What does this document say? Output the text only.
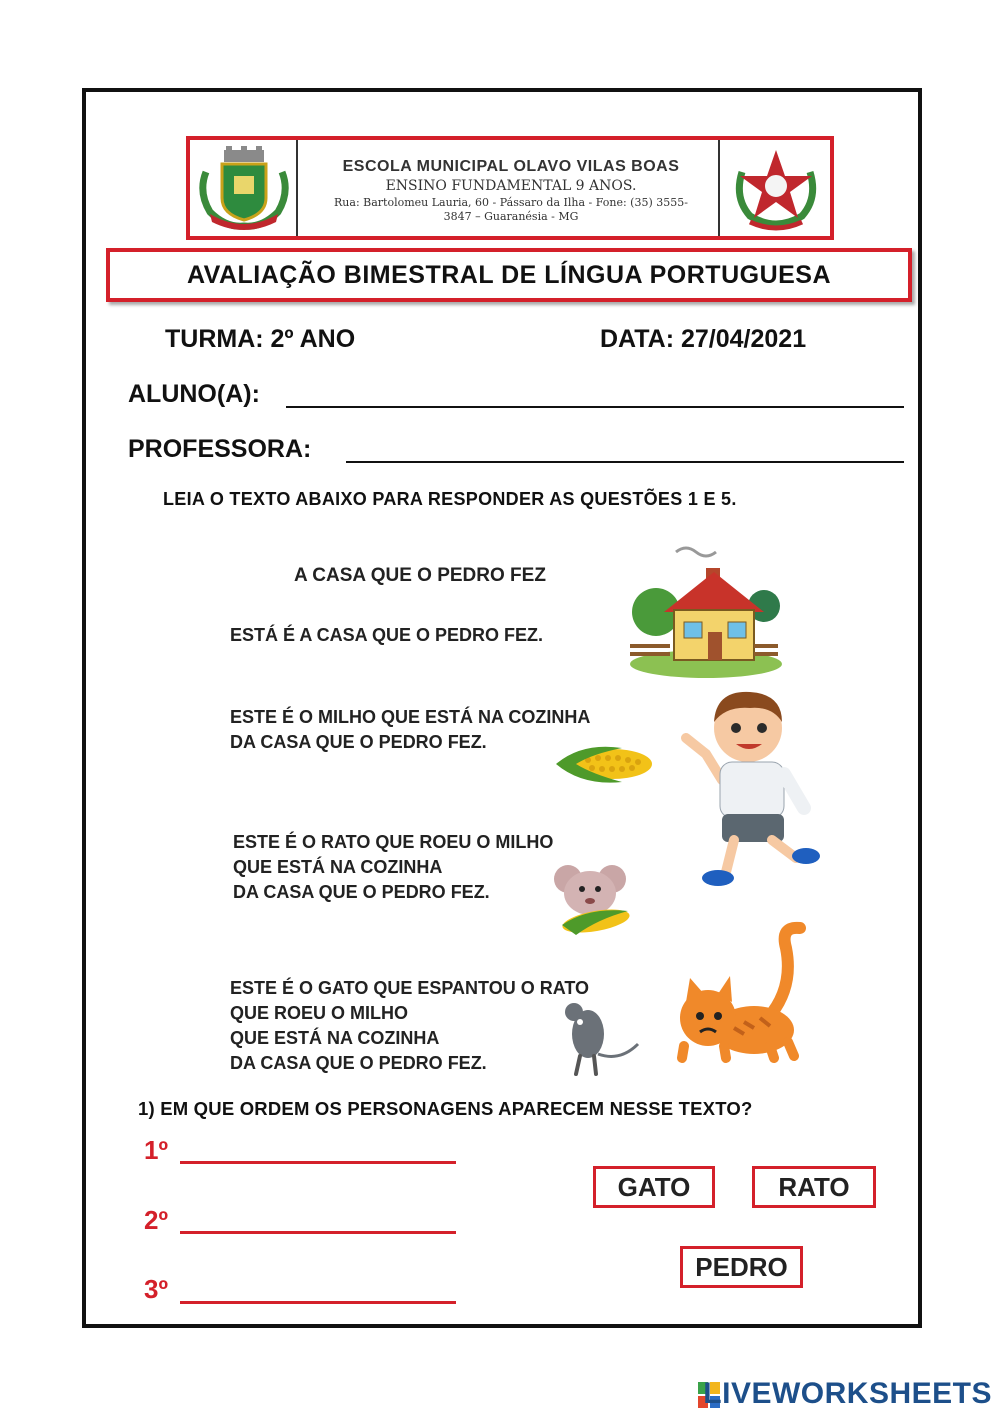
ESCOLA MUNICIPAL OLAVO VILAS BOAS
ENSINO FUNDAMENTAL 9 ANOS.
Rua: Bartolomeu Lauria, 60 - Pássaro da Ilha - Fone: (35) 3555-
3847 – Guaranésia - MG
AVALIAÇÃO BIMESTRAL DE LÍNGUA PORTUGUESA
TURMA: 2º ANO	DATA: 27/04/2021
ALUNO(A):
PROFESSORA:
LEIA O TEXTO ABAIXO PARA RESPONDER AS QUESTÕES 1 E 5.
A CASA QUE O PEDRO FEZ
ESTÁ É A CASA QUE O PEDRO FEZ.
ESTE É O MILHO QUE ESTÁ NA COZINHA
DA CASA QUE O PEDRO FEZ.
ESTE É O RATO QUE ROEU O MILHO
QUE ESTÁ NA COZINHA
DA CASA QUE O PEDRO FEZ.
ESTE É O GATO QUE ESPANTOU O RATO
QUE ROEU O MILHO
QUE ESTÁ NA COZINHA
DA CASA QUE O PEDRO FEZ.
1) EM QUE ORDEM OS PERSONAGENS APARECEM NESSE TEXTO?
1º
2º
3º
GATO	RATO
PEDRO
LIVEWORKSHEETS
